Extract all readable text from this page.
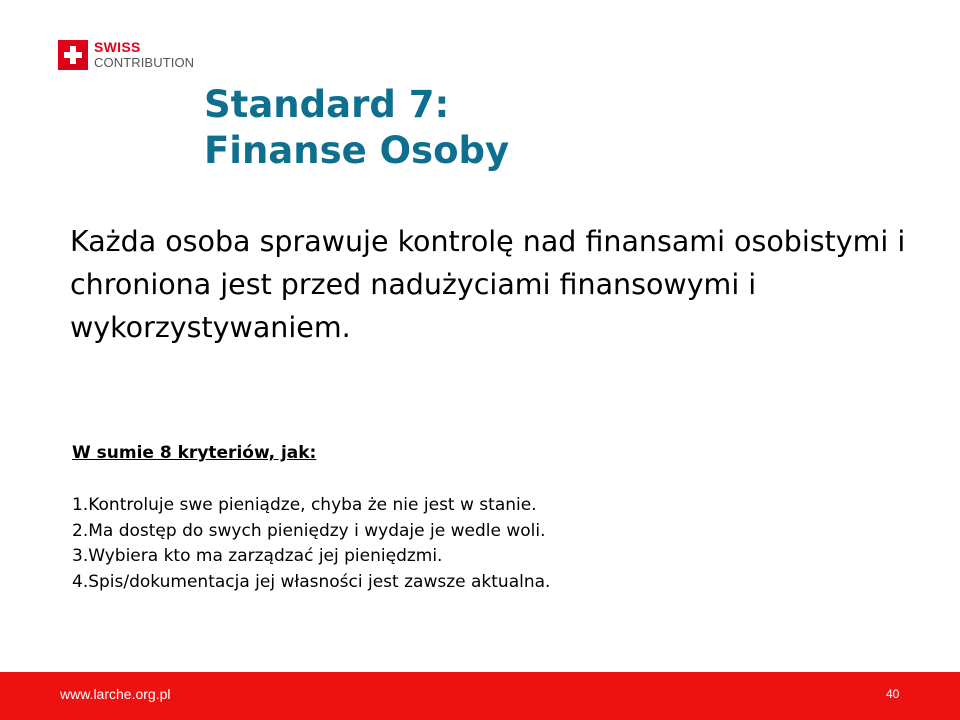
SWISS
CONTRIBUTION
Standard 7:
Finanse Osoby

Każda osoba sprawuje kontrolę nad finansami osobistymi i chroniona jest przed nadużyciami finansowymi i wykorzystywaniem.

W sumie 8 kryteriów, jak:

1.Kontroluje swe pieniądze, chyba że nie jest w stanie.
2.Ma dostęp do swych pieniędzy i wydaje je wedle woli.
3.Wybiera kto ma zarządzać jej pieniędzmi.
4.Spis/dokumentacja jej własności jest zawsze aktualna.
www.larche.org.pl	40
